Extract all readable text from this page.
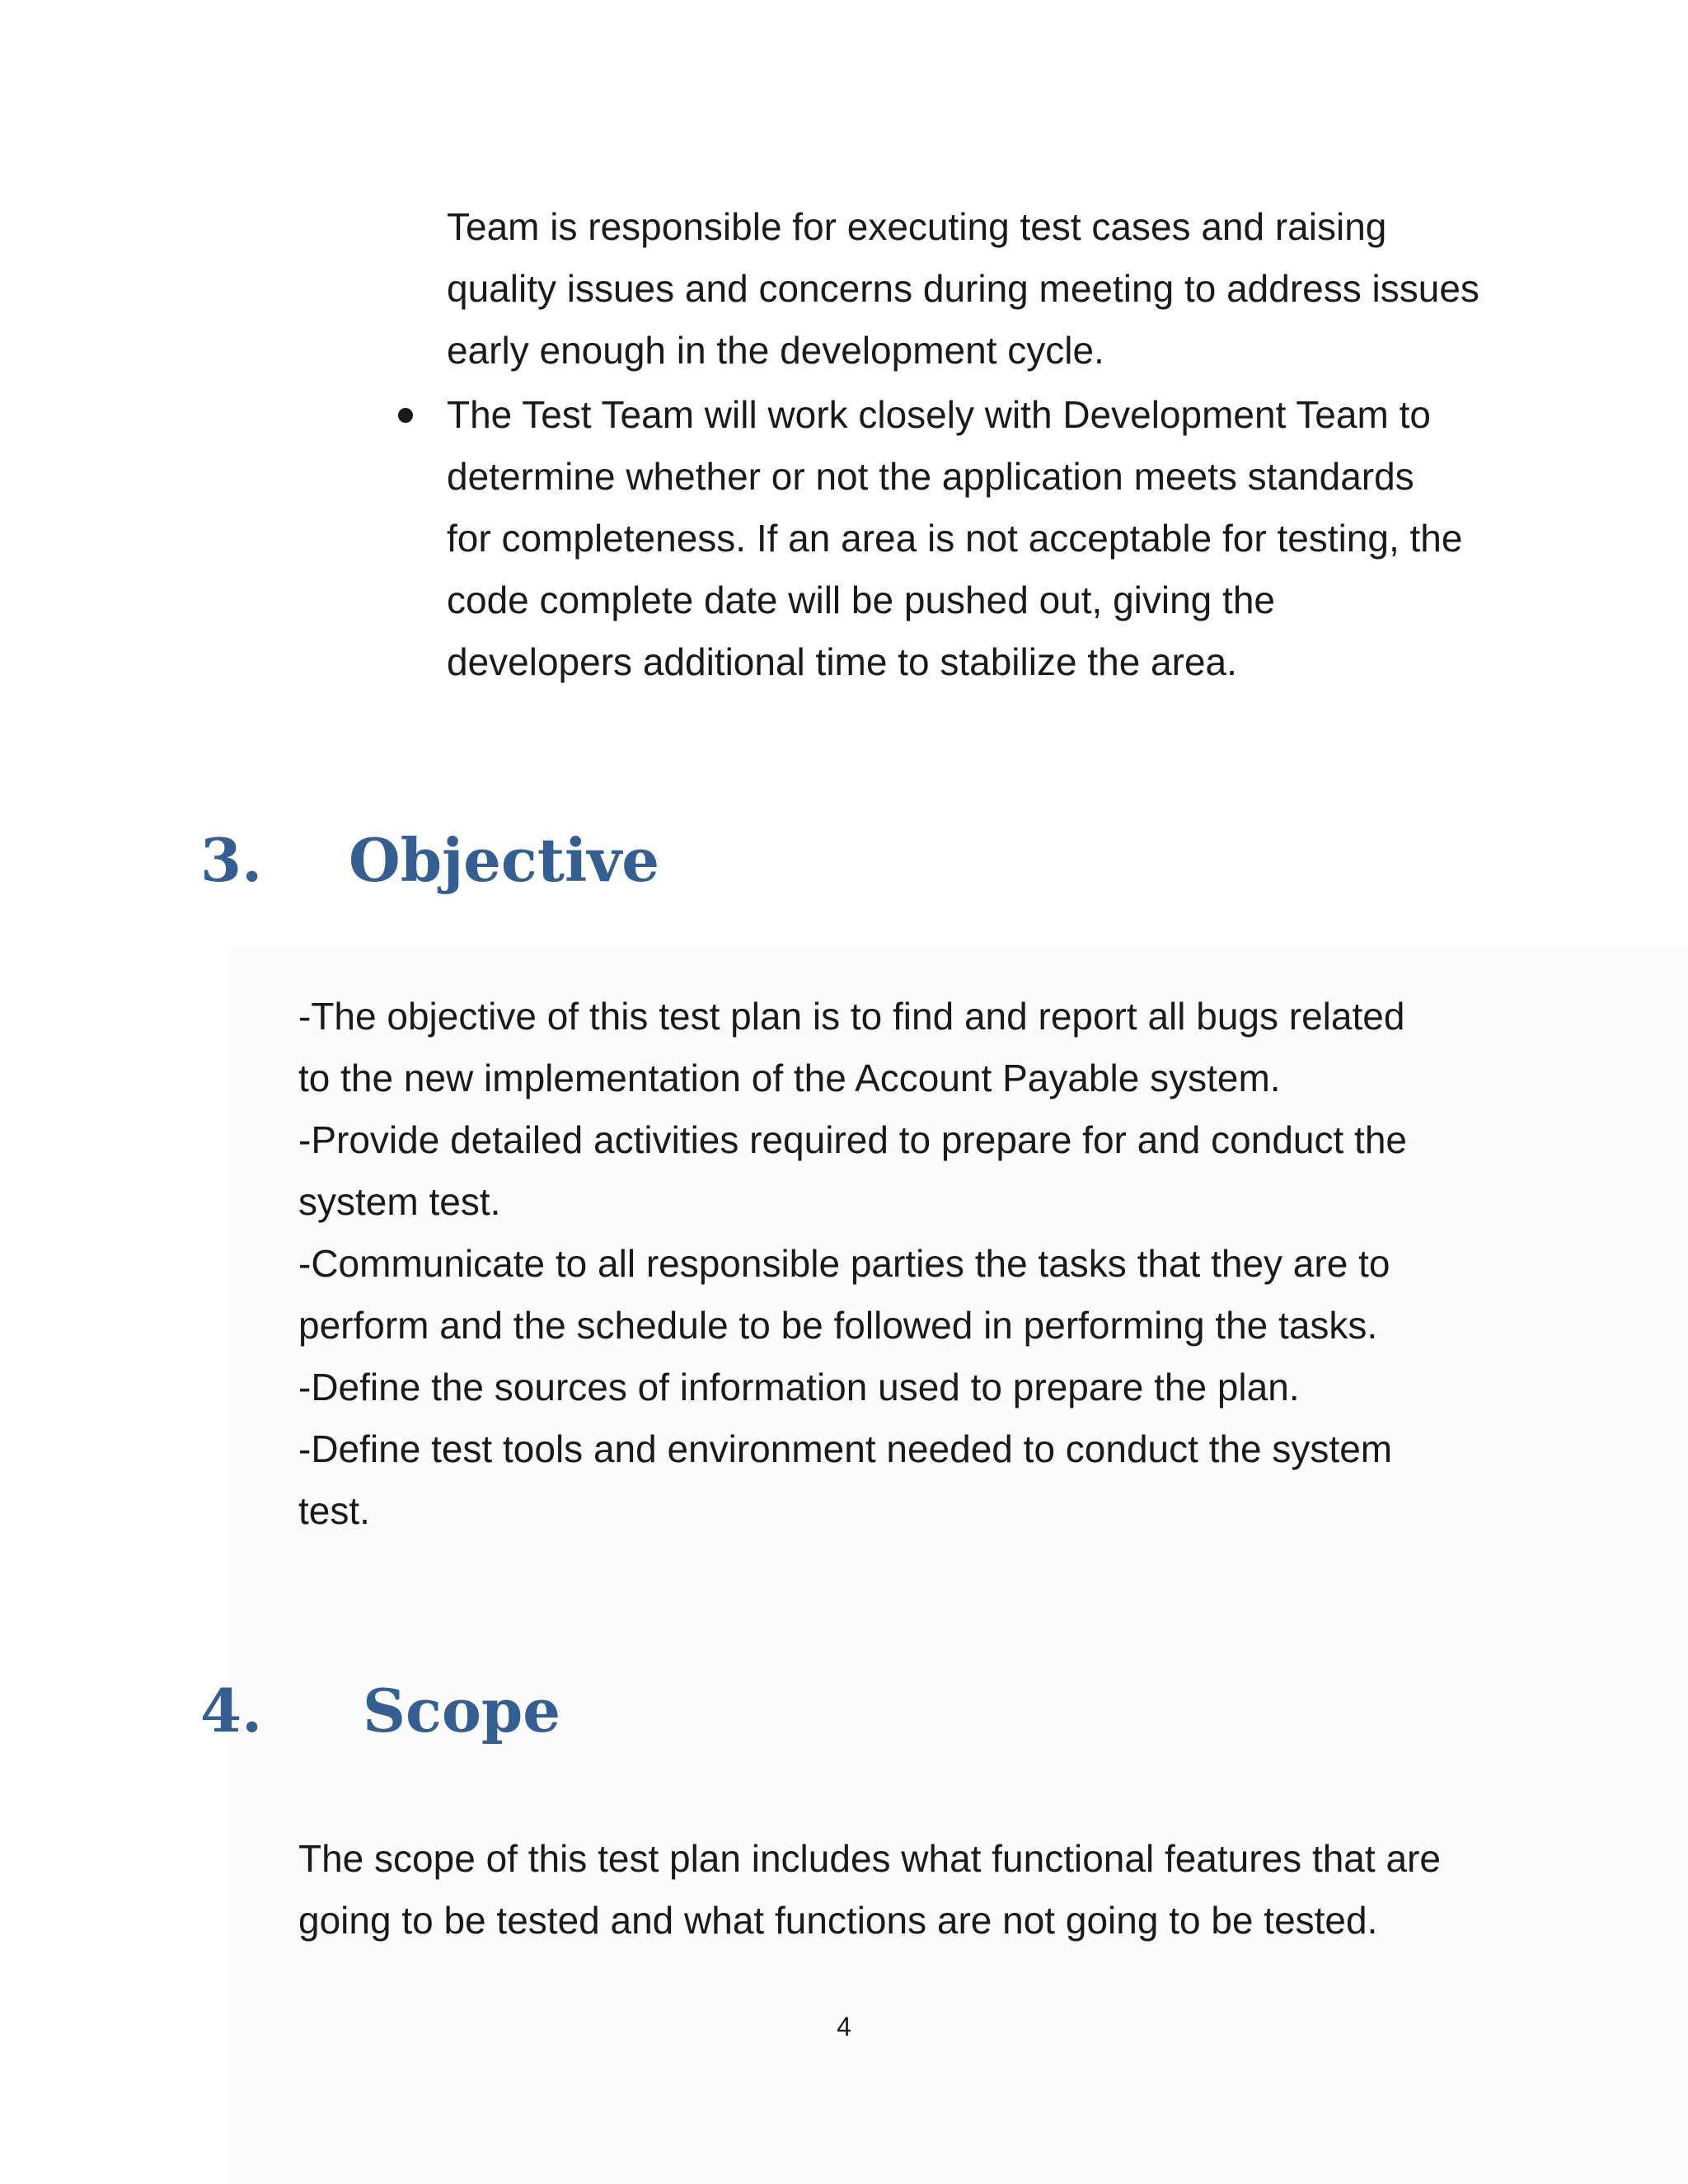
Team is responsible for executing test cases and raising

quality issues and concerns during meeting to address issues

early enough in the development cycle.

The Test Team will work closely with Development Team to
determine whether or not the application meets standards
for completeness. If an area is not acceptable for testing, the
code complete date will be pushed out, giving the
developers additional time to stabilize the area.
3. Objective

-The objective of this test plan is to find and report all bugs related

to the new implementation of the Account Payable system.

-Provide detailed activities required to prepare for and conduct the

system test.

-Communicate to all responsible parties the tasks that they are to

perform and the schedule to be followed in performing the tasks.

-Define the sources of information used to prepare the plan.

-Define test tools and environment needed to conduct the system

test.

4. Scope

The scope of this test plan includes what functional features that are

going to be tested and what functions are not going to be tested.

4
